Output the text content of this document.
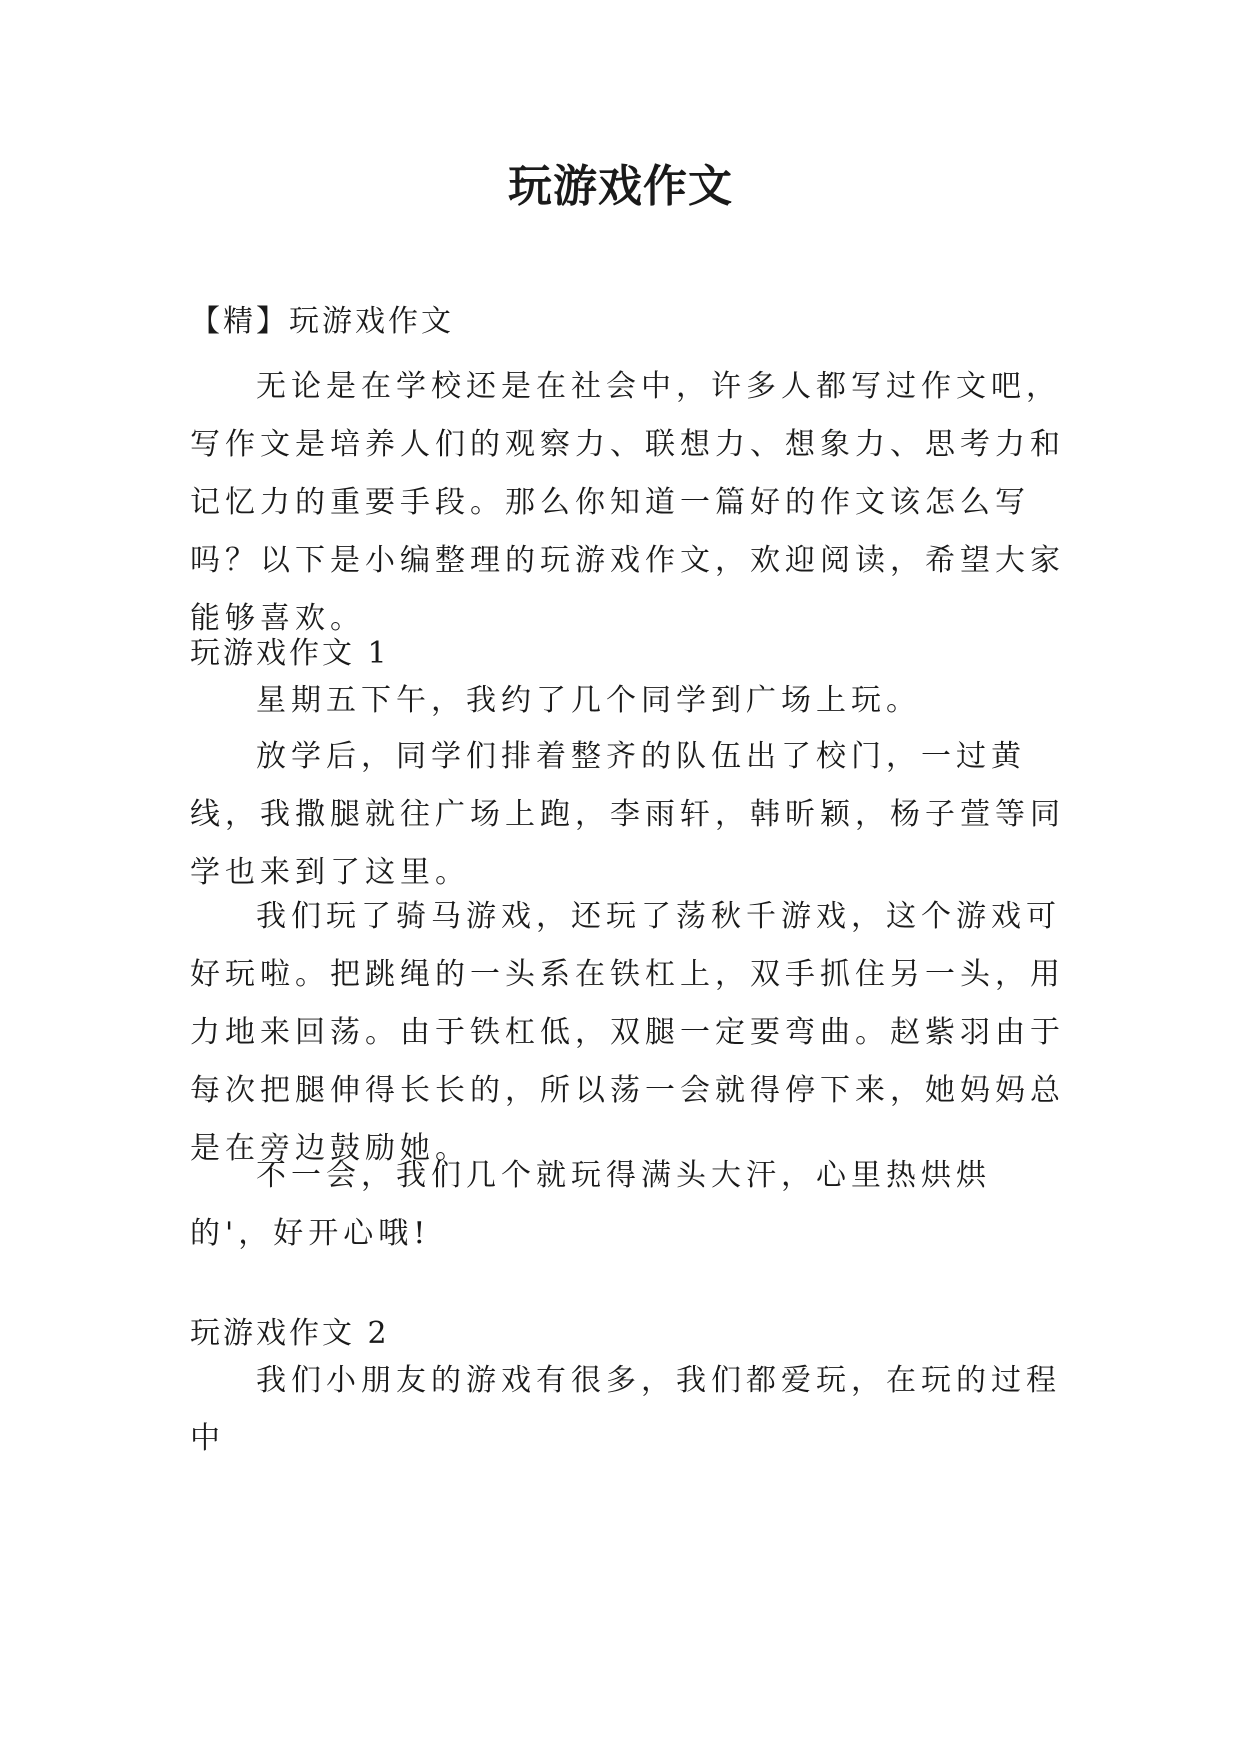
玩游戏作文
【精】玩游戏作文

无论是在学校还是在社会中，许多人都写过作文吧，写作文是培养人们的观察力、联想力、想象力、思考力和记忆力的重要手段。那么你知道一篇好的作文该怎么写吗？以下是小编整理的玩游戏作文，欢迎阅读，希望大家能够喜欢。

玩游戏作文 1

星期五下午，我约了几个同学到广场上玩。

放学后，同学们排着整齐的队伍出了校门，一过黄线，我撒腿就往广场上跑，李雨轩，韩昕颖，杨子萱等同学也来到了这里。

我们玩了骑马游戏，还玩了荡秋千游戏，这个游戏可好玩啦。把跳绳的一头系在铁杠上，双手抓住另一头，用力地来回荡。由于铁杠低，双腿一定要弯曲。赵紫羽由于每次把腿伸得长长的，所以荡一会就得停下来，她妈妈总是在旁边鼓励她。

不一会，我们几个就玩得满头大汗，心里热烘烘的'，好开心哦!

玩游戏作文 2

我们小朋友的游戏有很多，我们都爱玩，在玩的过程中
